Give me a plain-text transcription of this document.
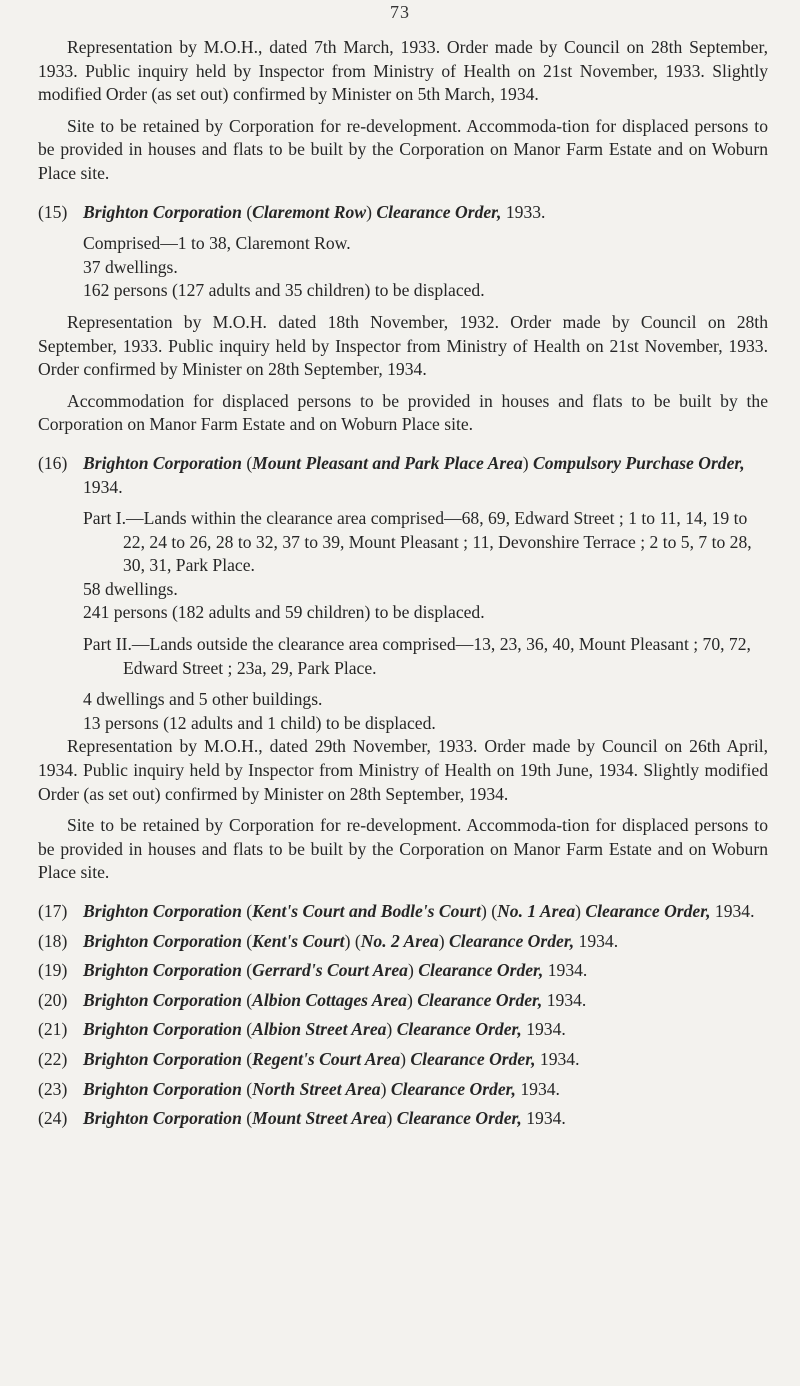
73

Representation by M.O.H., dated 7th March, 1933. Order made by Council on 28th September, 1933. Public inquiry held by Inspector from Ministry of Health on 21st November, 1933. Slightly modified Order (as set out) confirmed by Minister on 5th March, 1934.

Site to be retained by Corporation for re-development. Accommoda-tion for displaced persons to be provided in houses and flats to be built by the Corporation on Manor Farm Estate and on Woburn Place site.

(15) Brighton Corporation (Claremont Row) Clearance Order, 1933.

Comprised—1 to 38, Claremont Row.

37 dwellings.

162 persons (127 adults and 35 children) to be displaced.

Representation by M.O.H. dated 18th November, 1932. Order made by Council on 28th September, 1933. Public inquiry held by Inspector from Ministry of Health on 21st November, 1933. Order confirmed by Minister on 28th September, 1934.

Accommodation for displaced persons to be provided in houses and flats to be built by the Corporation on Manor Farm Estate and on Woburn Place site.

(16) Brighton Corporation (Mount Pleasant and Park Place Area) Compulsory Purchase Order, 1934.

Part I.—Lands within the clearance area comprised—68, 69, Edward Street ; 1 to 11, 14, 19 to 22, 24 to 26, 28 to 32, 37 to 39, Mount Pleasant ; 11, Devonshire Terrace ; 2 to 5, 7 to 28, 30, 31, Park Place.

58 dwellings.

241 persons (182 adults and 59 children) to be displaced.

Part II.—Lands outside the clearance area comprised—13, 23, 36, 40, Mount Pleasant ; 70, 72, Edward Street ; 23a, 29, Park Place.

4 dwellings and 5 other buildings.

13 persons (12 adults and 1 child) to be displaced.

Representation by M.O.H., dated 29th November, 1933. Order made by Council on 26th April, 1934. Public inquiry held by Inspector from Ministry of Health on 19th June, 1934. Slightly modified Order (as set out) confirmed by Minister on 28th September, 1934.

Site to be retained by Corporation for re-development. Accommoda-tion for displaced persons to be provided in houses and flats to be built by the Corporation on Manor Farm Estate and on Woburn Place site.

(17) Brighton Corporation (Kent's Court and Bodle's Court) (No. 1 Area) Clearance Order, 1934.
(18) Brighton Corporation (Kent's Court) (No. 2 Area) Clearance Order, 1934.
(19) Brighton Corporation (Gerrard's Court Area) Clearance Order, 1934.
(20) Brighton Corporation (Albion Cottages Area) Clearance Order, 1934.
(21) Brighton Corporation (Albion Street Area) Clearance Order, 1934.
(22) Brighton Corporation (Regent's Court Area) Clearance Order, 1934.
(23) Brighton Corporation (North Street Area) Clearance Order, 1934.
(24) Brighton Corporation (Mount Street Area) Clearance Order, 1934.
